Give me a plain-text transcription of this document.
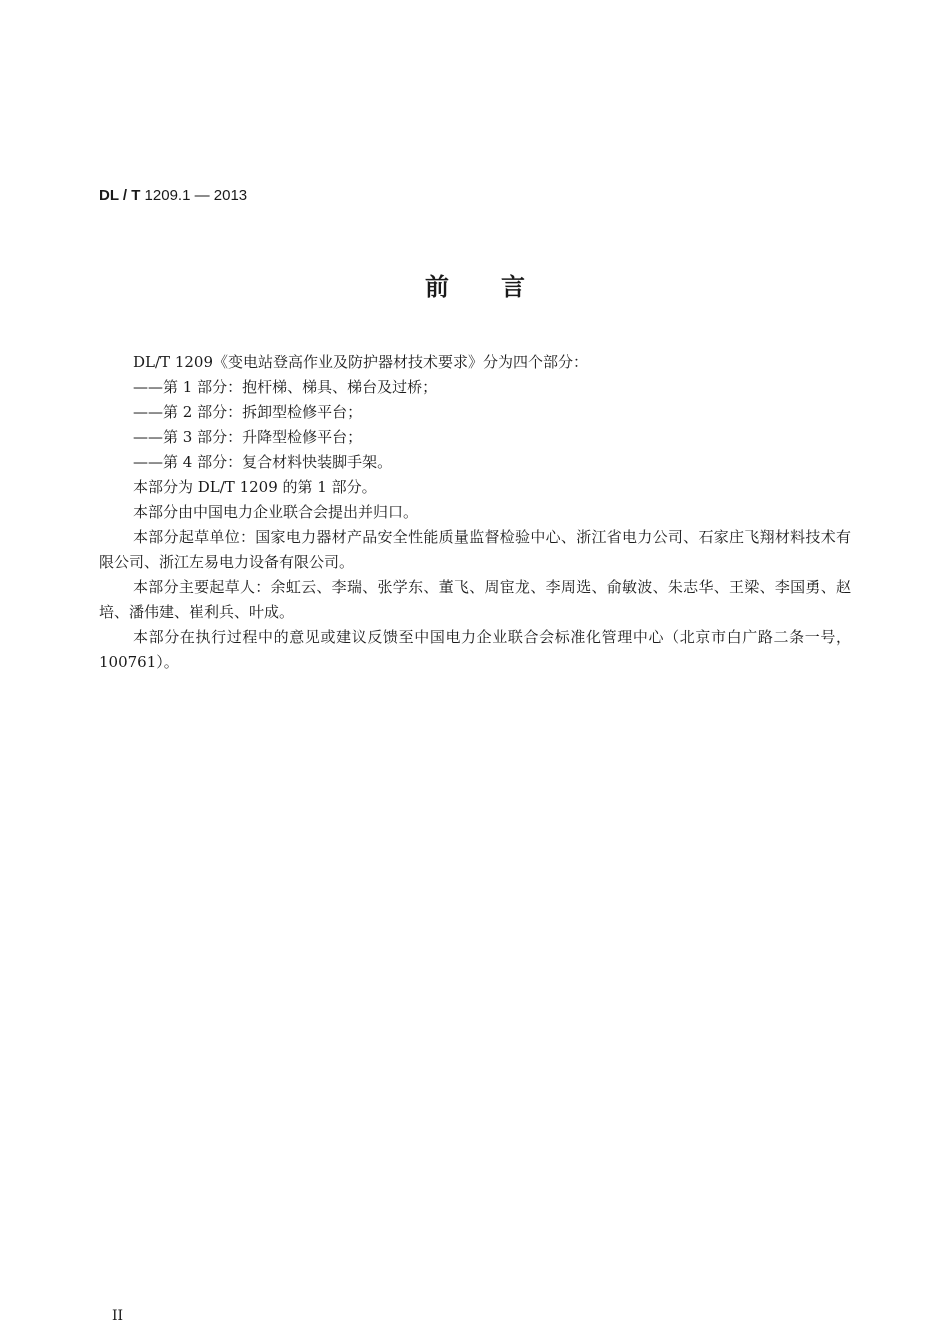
DL / T 1209.1 — 2013
前言

DL/T 1209《变电站登高作业及防护器材技术要求》分为四个部分：

——第 1 部分：抱杆梯、梯具、梯台及过桥；

——第 2 部分：拆卸型检修平台；

——第 3 部分：升降型检修平台；

——第 4 部分：复合材料快装脚手架。

本部分为 DL/T 1209 的第 1 部分。

本部分由中国电力企业联合会提出并归口。

本部分起草单位：国家电力器材产品安全性能质量监督检验中心、浙江省电力公司、石家庄飞翔材料技术有限公司、浙江左易电力设备有限公司。

本部分主要起草人：余虹云、李瑞、张学东、董飞、周宦龙、李周选、俞敏波、朱志华、王梁、李国勇、赵培、潘伟建、崔利兵、叶成。

本部分在执行过程中的意见或建议反馈至中国电力企业联合会标准化管理中心（北京市白广路二条一号，100761）。

II
